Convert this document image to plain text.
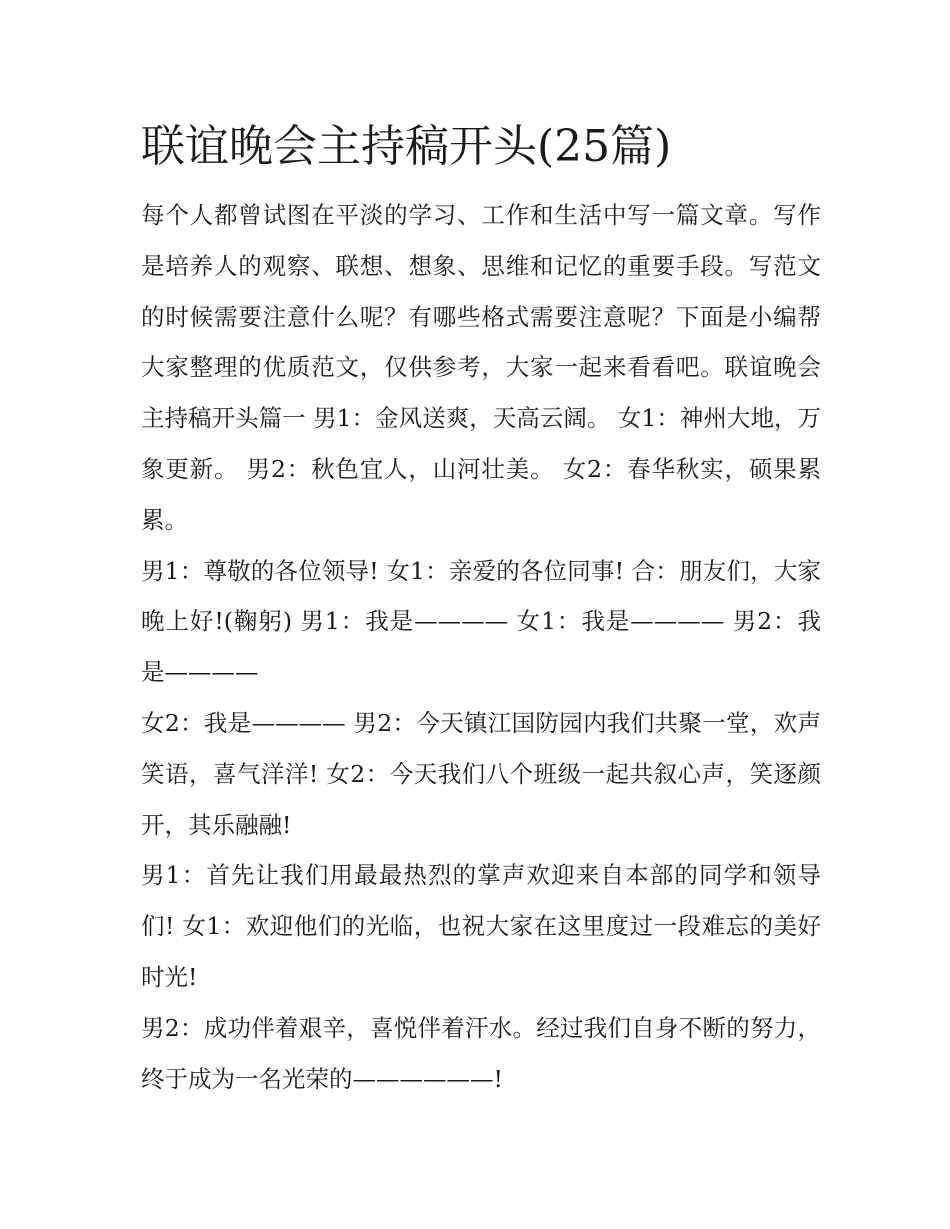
联谊晚会主持稿开头(25篇)

每个人都曾试图在平淡的学习、工作和生活中写一篇文章。写作是培养人的观察、联想、想象、思维和记忆的重要手段。写范文的时候需要注意什么呢？有哪些格式需要注意呢？下面是小编帮大家整理的优质范文，仅供参考，大家一起来看看吧。联谊晚会主持稿开头篇一 男1：金风送爽，天高云阔。 女1：神州大地，万象更新。 男2：秋色宜人，山河壮美。 女2：春华秋实，硕果累累。

男1：尊敬的各位领导! 女1：亲爱的各位同事! 合：朋友们，大家晚上好!(鞠躬) 男1：我是———— 女1：我是———— 男2：我是————

女2：我是———— 男2：今天镇江国防园内我们共聚一堂，欢声笑语，喜气洋洋! 女2：今天我们八个班级一起共叙心声，笑逐颜开，其乐融融!

男1：首先让我们用最最热烈的掌声欢迎来自本部的同学和领导们! 女1：欢迎他们的光临，也祝大家在这里度过一段难忘的美好时光!

男2：成功伴着艰辛，喜悦伴着汗水。经过我们自身不断的努力，终于成为一名光荣的——————!
